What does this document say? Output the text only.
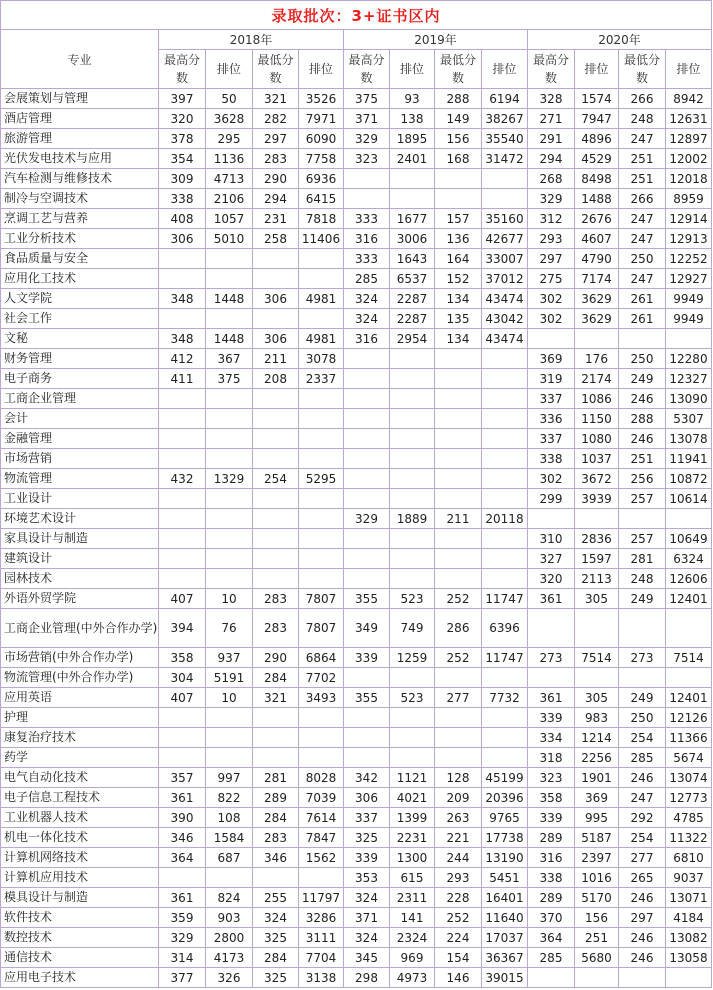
录取批次：3+证书区内												
专业	2018年				2019年				2020年			
	最高分数	排位	最低分数	排位	最高分数	排位	最低分数	排位	最高分数	排位	最低分数	排位
会展策划与管理	397	50	321	3526	375	93	288	6194	328	1574	266	8942
酒店管理	320	3628	282	7971	371	138	149	38267	271	7947	248	12631
旅游管理	378	295	297	6090	329	1895	156	35540	291	4896	247	12897
光伏发电技术与应用	354	1136	283	7758	323	2401	168	31472	294	4529	251	12002
汽车检测与维修技术	309	4713	290	6936					268	8498	251	12018
制冷与空调技术	338	2106	294	6415					329	1488	266	8959
烹调工艺与营养	408	1057	231	7818	333	1677	157	35160	312	2676	247	12914
工业分析技术	306	5010	258	11406	316	3006	136	42677	293	4607	247	12913
食品质量与安全					333	1643	164	33007	297	4790	250	12252
应用化工技术					285	6537	152	37012	275	7174	247	12927
人文学院	348	1448	306	4981	324	2287	134	43474	302	3629	261	9949
社会工作					324	2287	135	43042	302	3629	261	9949
文秘	348	1448	306	4981	316	2954	134	43474				
财务管理	412	367	211	3078					369	176	250	12280
电子商务	411	375	208	2337					319	2174	249	12327
工商企业管理									337	1086	246	13090
会计									336	1150	288	5307
金融管理									337	1080	246	13078
市场营销									338	1037	251	11941
物流管理	432	1329	254	5295					302	3672	256	10872
工业设计									299	3939	257	10614
环境艺术设计					329	1889	211	20118				
家具设计与制造									310	2836	257	10649
建筑设计									327	1597	281	6324
园林技术									320	2113	248	12606
外语外贸学院	407	10	283	7807	355	523	252	11747	361	305	249	12401
工商企业管理(中外合作办学)	394	76	283	7807	349	749	286	6396				
市场营销(中外合作办学)	358	937	290	6864	339	1259	252	11747	273	7514	273	7514
物流管理(中外合作办学)	304	5191	284	7702								
应用英语	407	10	321	3493	355	523	277	7732	361	305	249	12401
护理									339	983	250	12126
康复治疗技术									334	1214	254	11366
药学									318	2256	285	5674
电气自动化技术	357	997	281	8028	342	1121	128	45199	323	1901	246	13074
电子信息工程技术	361	822	289	7039	306	4021	209	20396	358	369	247	12773
工业机器人技术	390	108	284	7614	337	1399	263	9765	339	995	292	4785
机电一体化技术	346	1584	283	7847	325	2231	221	17738	289	5187	254	11322
计算机网络技术	364	687	346	1562	339	1300	244	13190	316	2397	277	6810
计算机应用技术					353	615	293	5451	338	1016	265	9037
模具设计与制造	361	824	255	11797	324	2311	228	16401	289	5170	246	13071
软件技术	359	903	324	3286	371	141	252	11640	370	156	297	4184
数控技术	329	2800	325	3111	324	2324	224	17037	364	251	246	13082
通信技术	314	4173	284	7704	345	969	154	36367	285	5680	246	13058
应用电子技术	377	326	325	3138	298	4973	146	39015				
